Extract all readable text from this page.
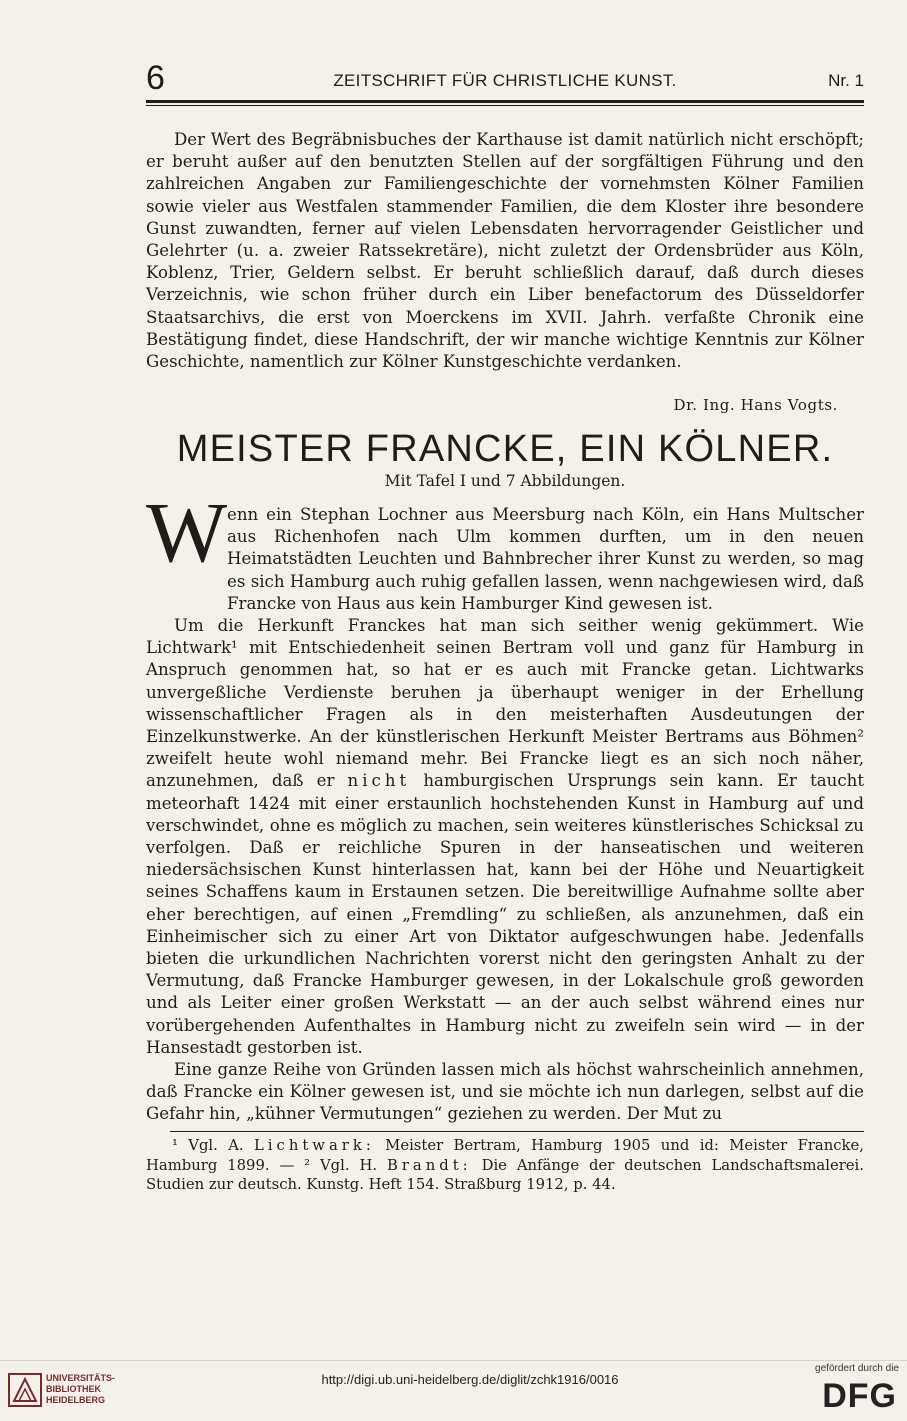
6	ZEITSCHRIFT FÜR CHRISTLICHE KUNST.	Nr. 1
Der Wert des Begräbnisbuches der Karthause ist damit natürlich nicht erschöpft; er beruht außer auf den benutzten Stellen auf der sorgfältigen Führung und den zahlreichen Angaben zur Familiengeschichte der vornehmsten Kölner Familien sowie vieler aus Westfalen stammender Familien, die dem Kloster ihre besondere Gunst zuwandten, ferner auf vielen Lebensdaten hervorragender Geistlicher und Gelehrter (u. a. zweier Ratssekretäre), nicht zuletzt der Ordensbrüder aus Köln, Koblenz, Trier, Geldern selbst. Er beruht schließlich darauf, daß durch dieses Verzeichnis, wie schon früher durch ein Liber benefactorum des Düsseldorfer Staatsarchivs, die erst von Moerckens im XVII. Jahrh. verfaßte Chronik eine Bestätigung findet, diese Handschrift, der wir manche wichtige Kenntnis zur Kölner Geschichte, namentlich zur Kölner Kunstgeschichte verdanken.
Dr. Ing. Hans Vogts.
MEISTER FRANCKE, EIN KÖLNER.
Mit Tafel I und 7 Abbildungen.
W enn ein Stephan Lochner aus Meersburg nach Köln, ein Hans Multscher aus Richenhofen nach Ulm kommen durften, um in den neuen Heimatstädten Leuchten und Bahnbrecher ihrer Kunst zu werden, so mag es sich Hamburg auch ruhig gefallen lassen, wenn nachgewiesen wird, daß Francke von Haus aus kein Hamburger Kind gewesen ist.
Um die Herkunft Franckes hat man sich seither wenig gekümmert. Wie Lichtwark¹ mit Entschiedenheit seinen Bertram voll und ganz für Hamburg in Anspruch genommen hat, so hat er es auch mit Francke getan. Lichtwarks unvergeßliche Verdienste beruhen ja überhaupt weniger in der Erhellung wissenschaftlicher Fragen als in den meisterhaften Ausdeutungen der Einzelkunstwerke. An der künstlerischen Herkunft Meister Bertrams aus Böhmen² zweifelt heute wohl niemand mehr. Bei Francke liegt es an sich noch näher, anzunehmen, daß er nicht hamburgischen Ursprungs sein kann. Er taucht meteorhaft 1424 mit einer erstaunlich hochstehenden Kunst in Hamburg auf und verschwindet, ohne es möglich zu machen, sein weiteres künstlerisches Schicksal zu verfolgen. Daß er reichliche Spuren in der hanseatischen und weiteren niedersächsischen Kunst hinterlassen hat, kann bei der Höhe und Neuartigkeit seines Schaffens kaum in Erstaunen setzen. Die bereitwillige Aufnahme sollte aber eher berechtigen, auf einen „Fremdling“ zu schließen, als anzunehmen, daß ein Einheimischer sich zu einer Art von Diktator aufgeschwungen habe. Jedenfalls bieten die urkundlichen Nachrichten vorerst nicht den geringsten Anhalt zu der Vermutung, daß Francke Hamburger gewesen, in der Lokalschule groß geworden und als Leiter einer großen Werkstatt — an der auch selbst während eines nur vorübergehenden Aufenthaltes in Hamburg nicht zu zweifeln sein wird — in der Hansestadt gestorben ist.
Eine ganze Reihe von Gründen lassen mich als höchst wahrscheinlich annehmen, daß Francke ein Kölner gewesen ist, und sie möchte ich nun darlegen, selbst auf die Gefahr hin, „kühner Vermutungen“ geziehen zu werden. Der Mut zu
¹ Vgl. A. Lichtwark: Meister Bertram, Hamburg 1905 und id: Meister Francke, Hamburg 1899. — ² Vgl. H. Brandt: Die Anfänge der deutschen Landschaftsmalerei. Studien zur deutsch. Kunstg. Heft 154. Straßburg 1912, p. 44.
UNIVERSITÄTS-
BIBLIOTHEK
HEIDELBERG
http://digi.ub.uni-heidelberg.de/diglit/zchk1916/0016
gefördert durch die
DFG
